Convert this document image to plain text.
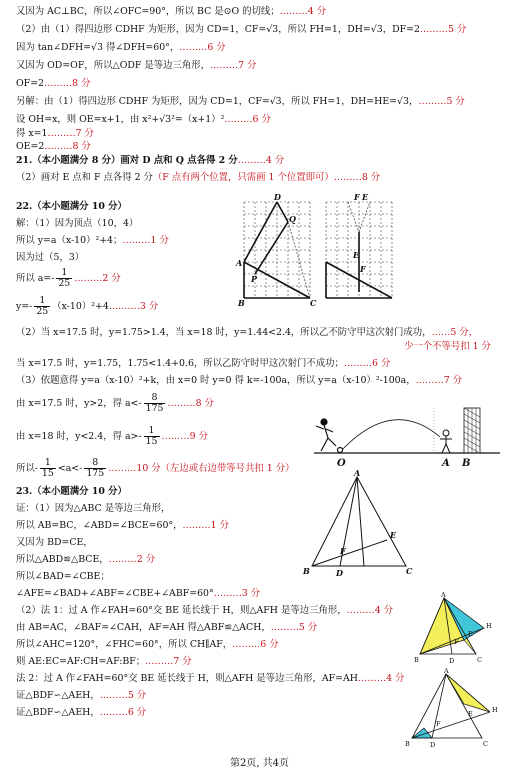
又因为 AC⊥BC，所以∠OFC=90°，所以 BC 是⊙O 的切线；………4 分
（2）由（1）得四边形 CDHF 为矩形，因为 CD=1，CF=√3，所以 FH=1，DH=√3，DF=2………5 分
因为 tan∠DFH=√3 得∠DFH=60°，………6 分
又因为 OD=OF，所以△ODF 是等边三角形，………7 分
OF=2………8 分
另解：由（1）得四边形 CDHF 为矩形，因为 CD=1，CF=√3，所以 FH=1，DH=HE=√3，………5 分
设 OH=x，则 OE=x+1，由 x²+√3²=（x+1）²………6 分
得 x=1………7 分
OE=2………8 分
21.（本小题满分 8 分）画对 D 点和 Q 点各得 2 分………4 分
（2）画对 E 点和 F 点各得 2 分（F 点有两个位置，只需画 1 个位置即可）………8 分
22.（本小题满分 10 分）
解：（1）因为顶点（10，4）
所以 y=a（x-10）²+4；………1 分
因为过（5，3）
所以 $a=- \frac{1}{25}$ ………2 分
$y=- \frac{1}{25}$ （x-10）²+4.………3 分
（2）当 x=17.5 时，y=1.75>1.4，当 x=18 时，y=1.44<2.4，所以乙不防守甲这次射门成功，……5 分，
少一个不等号扣 1 分
当 x=17.5 时，y=1.75，1.75<1.4+0.6，所以乙防守时甲这次射门不成功；………6 分
（3）依题意得 y=a（x-10）²+k，由 x=0 时 y=0 得 k=-100a，所以 y=a（x-10）²-100a，………7 分
由 x=17.5 时，y>2，得 $a<- \frac{8}{175}$ ………8 分
由 x=18 时，y<2.4，得 $a>- \frac{1}{15}$ ………9 分
所以- $\frac{1}{15} <a<- \frac{8}{175}$ ………10 分（左边或右边带等号共扣 1 分）
23.（本小题满分 10 分）
证：（1）因为△ABC 是等边三角形，
所以 AB=BC，∠ABD=∠BCE=60°，………1 分
又因为 BD=CE，
所以△ABD≌△BCE，………2 分
所以∠BAD=∠CBE；
∠AFE=∠BAD+∠ABF=∠CBE+∠ABF=60°………3 分
（2）法 1：过 A 作∠FAH=60°交 BE 延长线于 H，则△AFH 是等边三角形，………4 分
由 AB=AC，∠BAF=∠CAH，AF=AH 得△ABF≌△ACH，………5 分
所以∠AHC=120°，∠FHC=60°，所以 CH∥AF，………6 分
则 AE:EC=AF:CH=AF:BF；………7 分
法 2：过 A 作∠FAH=60°交 BE 延长线于 H，则△AFH 是等边三角形，AF=AH………4 分
证△BDF∽△AEH，………5 分
证△BDF∽△AEH，………6 分
D
Q
A
P
B	C
F E
E
F
O	A B
A
B	C
D
E
F
A
B	C
D
E
F
H
A
B	C
D
E
F
H
第2页, 共4页
